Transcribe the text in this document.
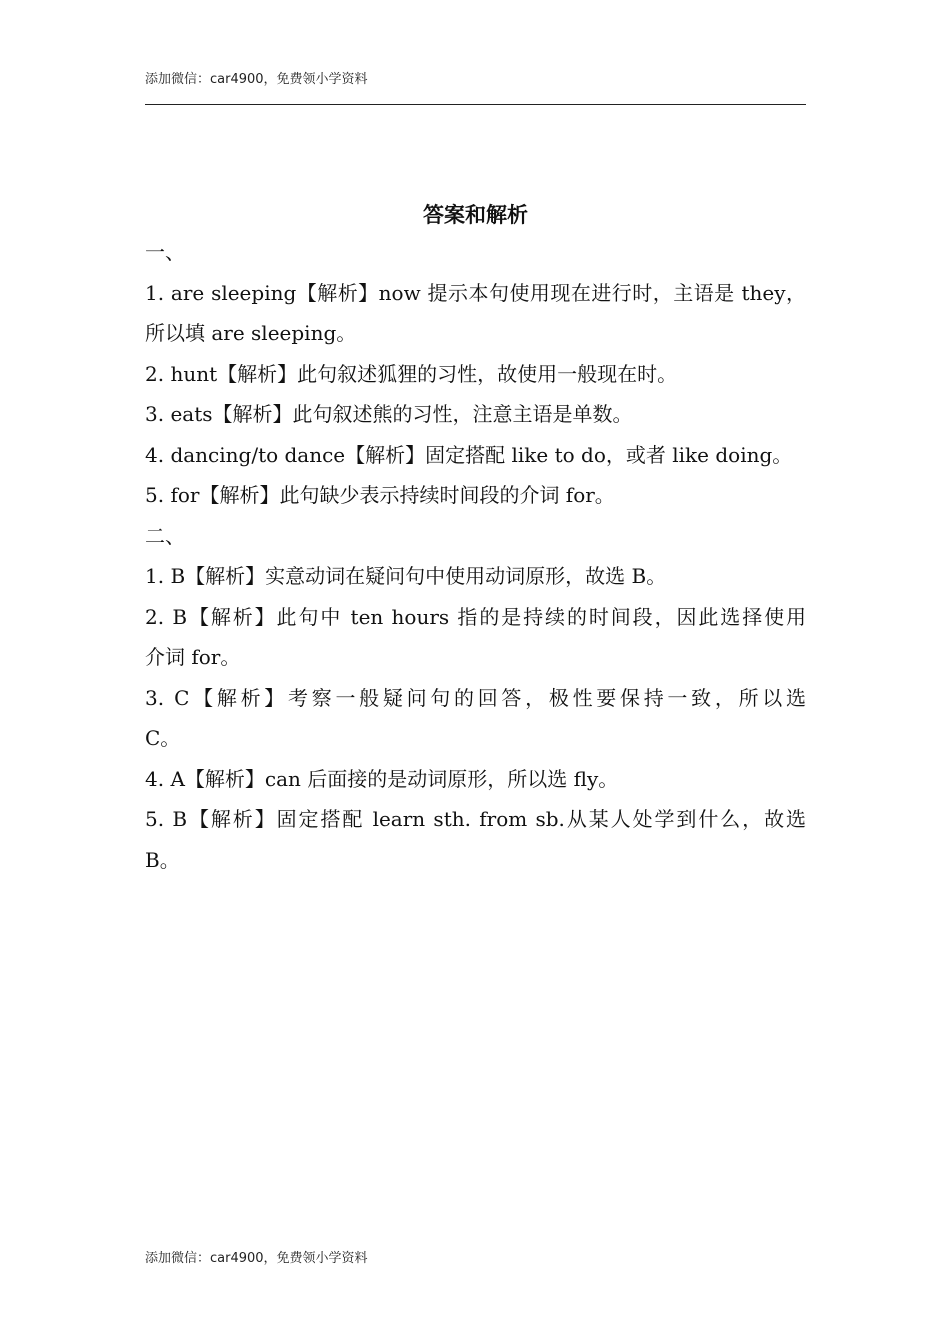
添加微信：car4900，免费领小学资料
答案和解析
一、
1. are sleeping【解析】now 提示本句使用现在进行时，主语是 they，
所以填 are sleeping。
2. hunt【解析】此句叙述狐狸的习性，故使用一般现在时。
3. eats【解析】此句叙述熊的习性，注意主语是单数。
4. dancing/to dance【解析】固定搭配 like to do，或者 like doing。
5. for【解析】此句缺少表示持续时间段的介词 for。
二、
1. B【解析】实意动词在疑问句中使用动词原形，故选 B。
2. B【解析】此句中 ten hours 指的是持续的时间段，因此选择使用
介词 for。
3. C【解析】考察一般疑问句的回答，极性要保持一致，所以选
C。
4. A【解析】can 后面接的是动词原形，所以选 fly。
5. B【解析】固定搭配 learn sth. from sb.从某人处学到什么，故选
B。
添加微信：car4900，免费领小学资料
